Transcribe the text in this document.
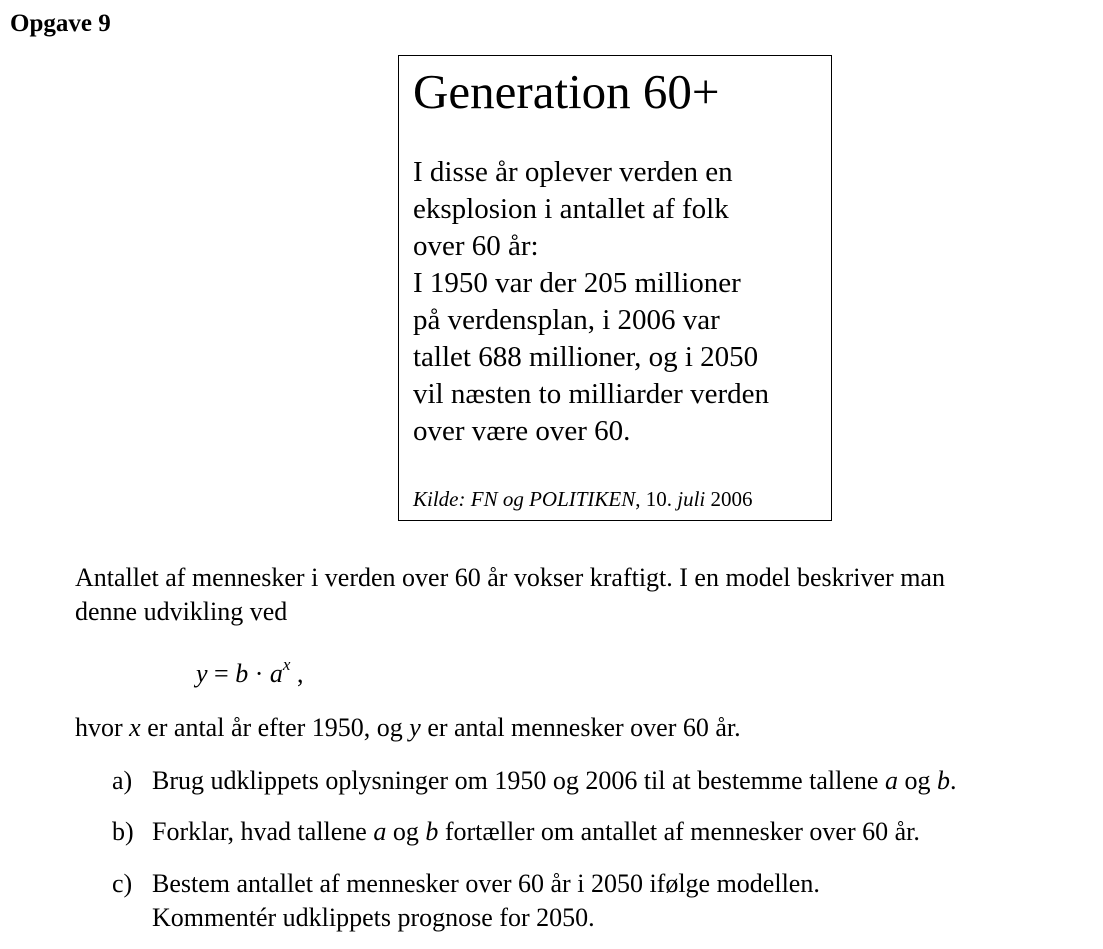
Opgave 9
Generation 60+
I disse år oplever verden en
eksplosion i antallet af folk
over 60 år:
I 1950 var der 205 millioner
på verdensplan, i 2006 var
tallet 688 millioner, og i 2050
vil næsten to milliarder verden
over være over 60.
Kilde: FN og POLITIKEN, 10. juli 2006
Antallet af mennesker i verden over 60 år vokser kraftigt. I en model beskriver man
denne udvikling ved
$y = b \cdot a^x$ ,
hvor x er antal år efter 1950, og y er antal mennesker over 60 år.
a) Brug udklippets oplysninger om 1950 og 2006 til at bestemme tallene a og b.
b) Forklar, hvad tallene a og b fortæller om antallet af mennesker over 60 år.
c) Bestem antallet af mennesker over 60 år i 2050 ifølge modellen.
Kommentér udklippets prognose for 2050.
